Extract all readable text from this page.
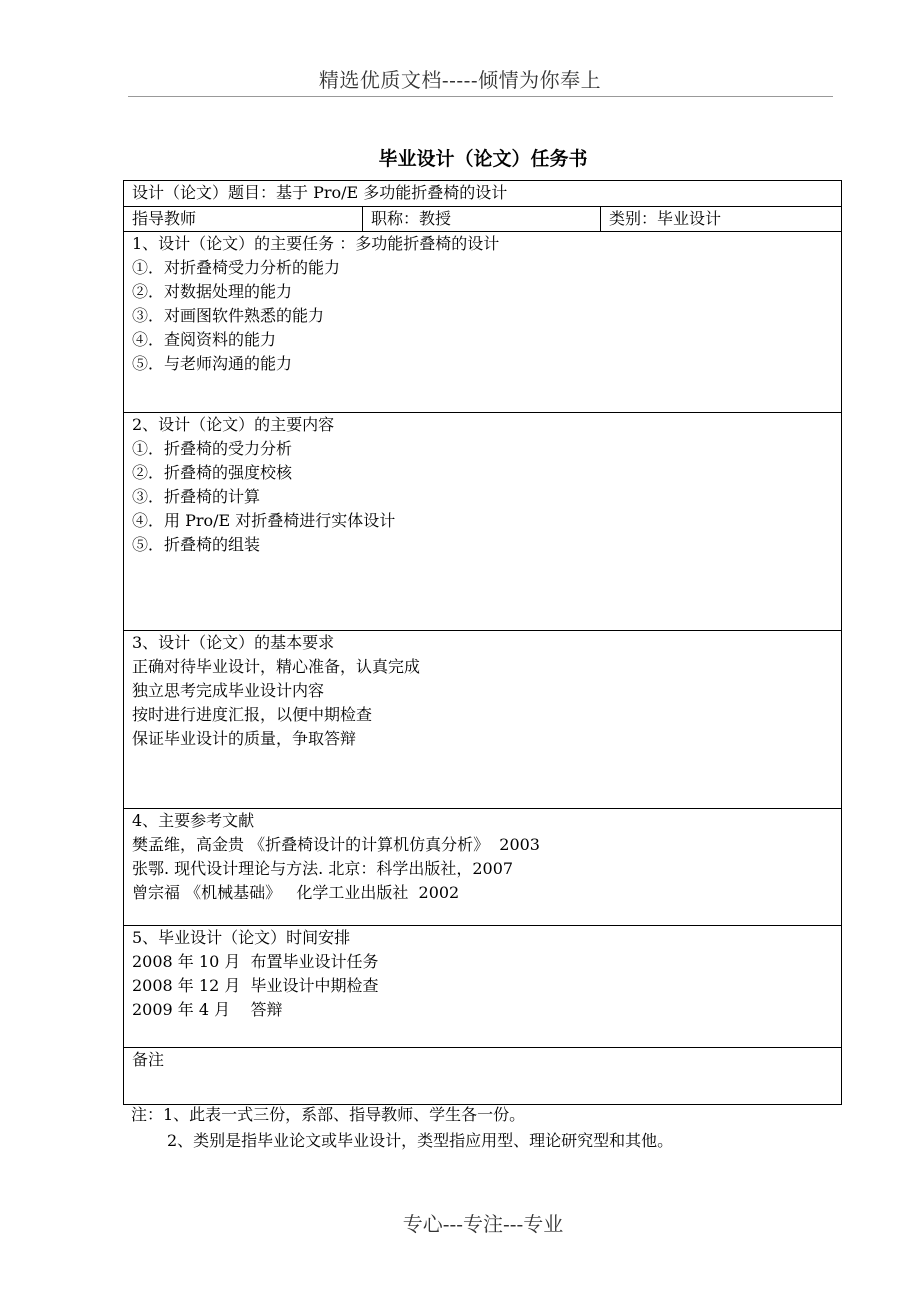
精选优质文档-----倾情为你奉上
毕业设计（论文）任务书
设计（论文）题目：基于 Pro/E 多功能折叠椅的设计
指导教师	职称：教授	类别：毕业设计

1、设计（论文）的主要任务 ：多功能折叠椅的设计
①．对折叠椅受力分析的能力
②．对数据处理的能力
③．对画图软件熟悉的能力
④．查阅资料的能力
⑤．与老师沟通的能力

2、设计（论文）的主要内容
①．折叠椅的受力分析
②．折叠椅的强度校核
③．折叠椅的计算
④．用 Pro/E 对折叠椅进行实体设计
⑤．折叠椅的组装

3、设计（论文）的基本要求
正确对待毕业设计，精心准备，认真完成
独立思考完成毕业设计内容
按时进行进度汇报，以便中期检查
保证毕业设计的质量，争取答辩

4、主要参考文献
樊孟维，高金贵 《折叠椅设计的计算机仿真分析》  2003
张鄂. 现代设计理论与方法. 北京：科学出版社，2007
曾宗福 《机械基础》   化学工业出版社  2002

5、毕业设计（论文）时间安排
2008 年 10 月  布置毕业设计任务
2008 年 12 月  毕业设计中期检查
2009 年 4 月    答辩

备注
注：1、此表一式三份，系部、指导教师、学生各一份。
2、类别是指毕业论文或毕业设计，类型指应用型、理论研究型和其他。
专心---专注---专业
